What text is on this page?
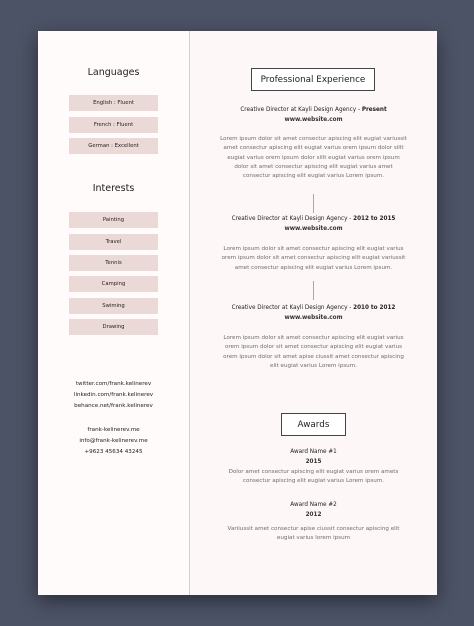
Languages
English : Fluent
French : Fluent
German : Excellent
Interests
Painting
Travel
Tennis
Camping
Swiming
Drawing
twitter.com/frank.kelinerev
linkedin.com/frank.kelinerev
behance.net/frank.kelinerev
frank-kelinerev.me
info@frank-kelinerev.me
+9623 45634 43245
Professional Experience
Creative Director at Kayli Design Agency - Present
www.website.com
Lorem ipsum dolor sit amet consectur apiscing elit eugiat variussit amet consectur apiscing elit eugiat varius orem ipsum dolor sillt eugiat varius orem ipsum dolor sillt eugiat varius orem ipsum dolor sit amet consectur apiscing elit eugiat varius amet consectur apiscing elit eugiat varius Lorem ipsum.
Creative Director at Kayli Design Agency - 2012 to 2015
www.website.com
Lorem ipsum dolor sit amet consectur apiscing elit eugiat varius orem ipsum dolor sit amet consectur apiscing elit eugiat variussit amet consectur apiscing elit eugiat varius Lorem ipsum.
Creative Director at Kayli Design Agency - 2010 to 2012
www.website.com
Lorem ipsum dolor sit amet consectur apiscing elit eugiat varius orem ipsum dolor sit amet consectur apiscing elit eugiat varius orem ipsum dolor sit amet apise ciussit amet consectur apiscing elit eugiat varius Lorem ipsum.
Awards
Award Name #1
2015
Dolor amet consectur apiscing elit eugiat varius orem amets consectur apiscing elit eugiat varius Lorem ipsum.
Award Name #2
2012
Variiussit amet consectur apise ciussit consectur apiscing elit eugiat varius lorem ipsum
